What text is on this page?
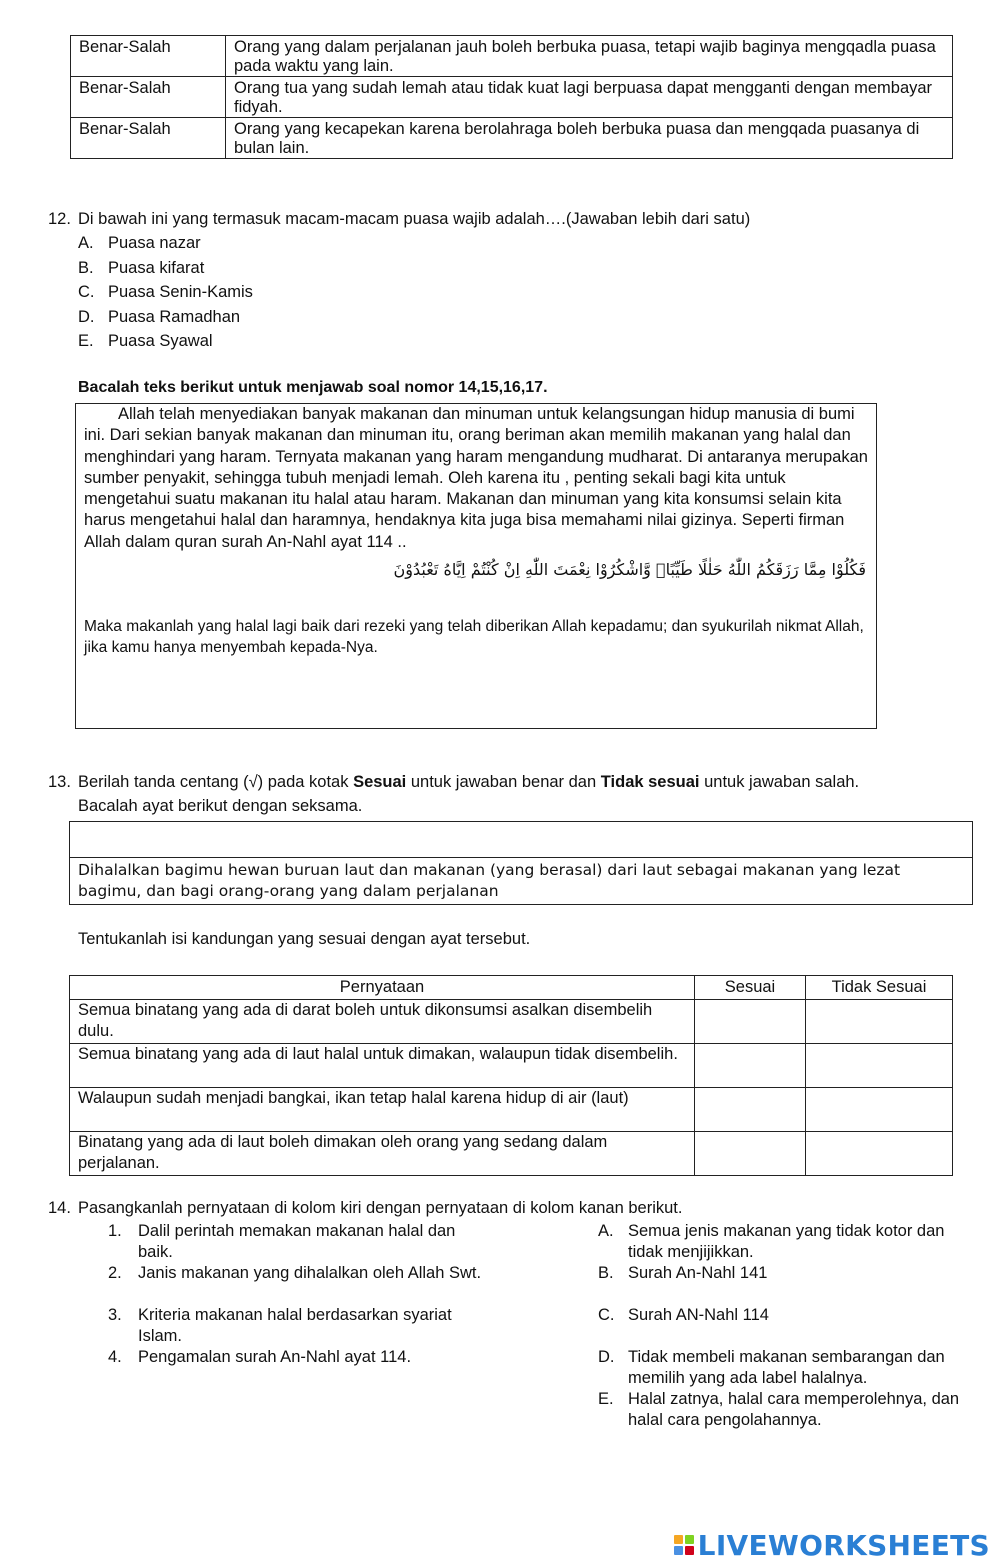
Benar-Salah	Orang yang dalam perjalanan jauh boleh berbuka puasa, tetapi wajib baginya mengqadla puasa pada waktu yang lain.
Benar-Salah	Orang tua yang sudah lemah atau tidak kuat lagi berpuasa dapat mengganti dengan membayar fidyah.
Benar-Salah	Orang yang kecapekan karena berolahraga boleh berbuka puasa dan mengqada puasanya di bulan lain.
12. Di bawah ini yang termasuk macam-macam puasa wajib adalah….(Jawaban lebih dari satu)
A. Puasa nazar
B. Puasa kifarat
C. Puasa Senin-Kamis
D. Puasa Ramadhan
E. Puasa Syawal
Bacalah teks berikut untuk menjawab soal nomor 14,15,16,17.

Allah telah menyediakan banyak makanan dan minuman untuk kelangsungan hidup manusia di bumi ini. Dari sekian banyak makanan dan minuman itu, orang beriman akan memilih makanan yang halal dan menghindari yang haram. Ternyata makanan yang haram mengandung mudharat. Di antaranya merupakan sumber penyakit, sehingga tubuh menjadi lemah. Oleh karena itu , penting sekali bagi kita untuk mengetahui suatu makanan itu halal atau haram. Makanan dan minuman yang kita konsumsi selain kita harus mengetahui halal dan haramnya, hendaknya kita juga bisa memahami nilai gizinya. Seperti firman Allah dalam quran surah An-Nahl ayat 114 ..

فَكُلُوْا مِمَّا رَزَقَكُمُ اللّٰهُ حَلٰلًا طَيِّبًاۖ وَّاشْكُرُوْا نِعْمَتَ اللّٰهِ اِنْ كُنْتُمْ اِيَّاهُ تَعْبُدُوْنَ
Maka makanlah yang halal lagi baik dari rezeki yang telah diberikan Allah kepadamu; dan syukurilah nikmat Allah, jika kamu hanya menyembah kepada-Nya.
13. Berilah tanda centang (√) pada kotak Sesuai untuk jawaban benar dan Tidak sesuai untuk jawaban salah.
Bacalah ayat berikut dengan seksama.
Dihalalkan bagimu hewan buruan laut dan makanan (yang berasal) dari laut sebagai makanan yang lezat bagimu, dan bagi orang-orang yang dalam perjalanan
Tentukanlah isi kandungan yang sesuai dengan ayat tersebut.
Pernyataan	Sesuai	Tidak Sesuai
Semua binatang yang ada di darat boleh untuk dikonsumsi asalkan disembelih dulu.		
Semua binatang yang ada di laut halal untuk dimakan, walaupun tidak disembelih.		
Walaupun sudah menjadi bangkai, ikan tetap halal karena hidup di air (laut)		
Binatang yang ada di laut boleh dimakan oleh orang yang sedang dalam perjalanan.		
14. Pasangkanlah pernyataan di kolom kiri dengan pernyataan di kolom kanan berikut.
1. Dalil perintah memakan makanan halal dan baik.
2. Janis makanan yang dihalalkan oleh Allah Swt.
3. Kriteria makanan halal berdasarkan syariat Islam.
4. Pengamalan surah An-Nahl ayat 114.
A. Semua jenis makanan yang tidak kotor dan tidak menjijikkan.
B. Surah An-Nahl 141
C. Surah AN-Nahl 114
D. Tidak membeli makanan sembarangan dan memilih yang ada label halalnya.
E. Halal zatnya, halal cara memperolehnya, dan halal cara pengolahannya.
LIVEWORKSHEETS
